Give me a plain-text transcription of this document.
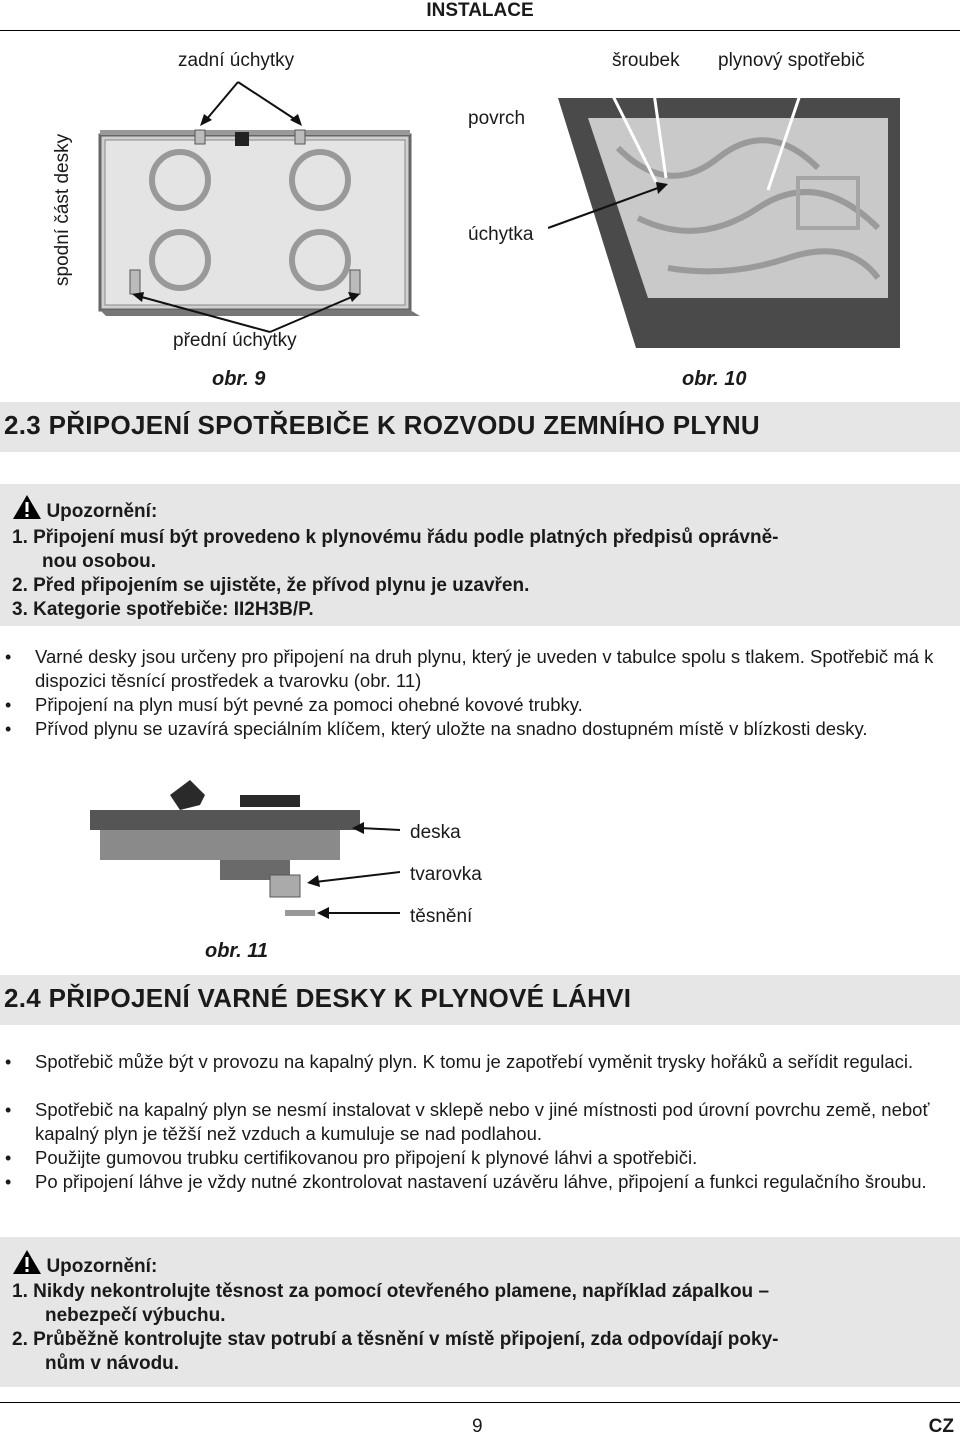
INSTALACE
zadní úchytky
spodní část desky
přední úchytky
obr. 9
šroubek plynový spotřebič
povrch
úchytka
obr. 10
2.3 PŘIPOJENÍ SPOTŘEBIČE K ROZVODU ZEMNÍHO PLYNU
Upozornění:
1. Připojení musí být provedeno k plynovému řádu podle platných předpisů oprávně-
nou osobou.
2. Před připojením se ujistěte, že přívod plynu je uzavřen.
3. Kategorie spotřebiče: II2H3B/P.
• Varné desky jsou určeny pro připojení na druh plynu, který je uveden v tabulce spolu s tlakem. Spotřebič má k dispozici těsnící prostředek a tvarovku (obr. 11)
• Připojení na plyn musí být pevné za pomoci ohebné kovové trubky.
• Přívod plynu se uzavírá speciálním klíčem, který uložte na snadno dostupném místě v blízkosti desky.
deska
tvarovka
těsnění
obr. 11
2.4 PŘIPOJENÍ VARNÉ DESKY K PLYNOVÉ LÁHVI
• Spotřebič může být v provozu na kapalný plyn. K tomu je zapotřebí vyměnit trysky hořáků a seřídit regulaci.
• Spotřebič na kapalný plyn se nesmí instalovat v sklepě nebo v jiné místnosti pod úrovní povrchu země, neboť kapalný plyn je těžší než vzduch a kumuluje se nad podlahou.
• Použijte gumovou trubku certifikovanou pro připojení k plynové láhvi a spotřebiči.
• Po připojení láhve je vždy nutné zkontrolovat nastavení uzávěru láhve, připojení a funkci regulačního šroubu.
Upozornění:
1. Nikdy nekontrolujte těsnost za pomocí otevřeného plamene, například zápalkou –
nebezpečí výbuchu.
2. Průběžně kontrolujte stav potrubí a těsnění v místě připojení, zda odpovídají poky-
nům v návodu.
9	CZ
